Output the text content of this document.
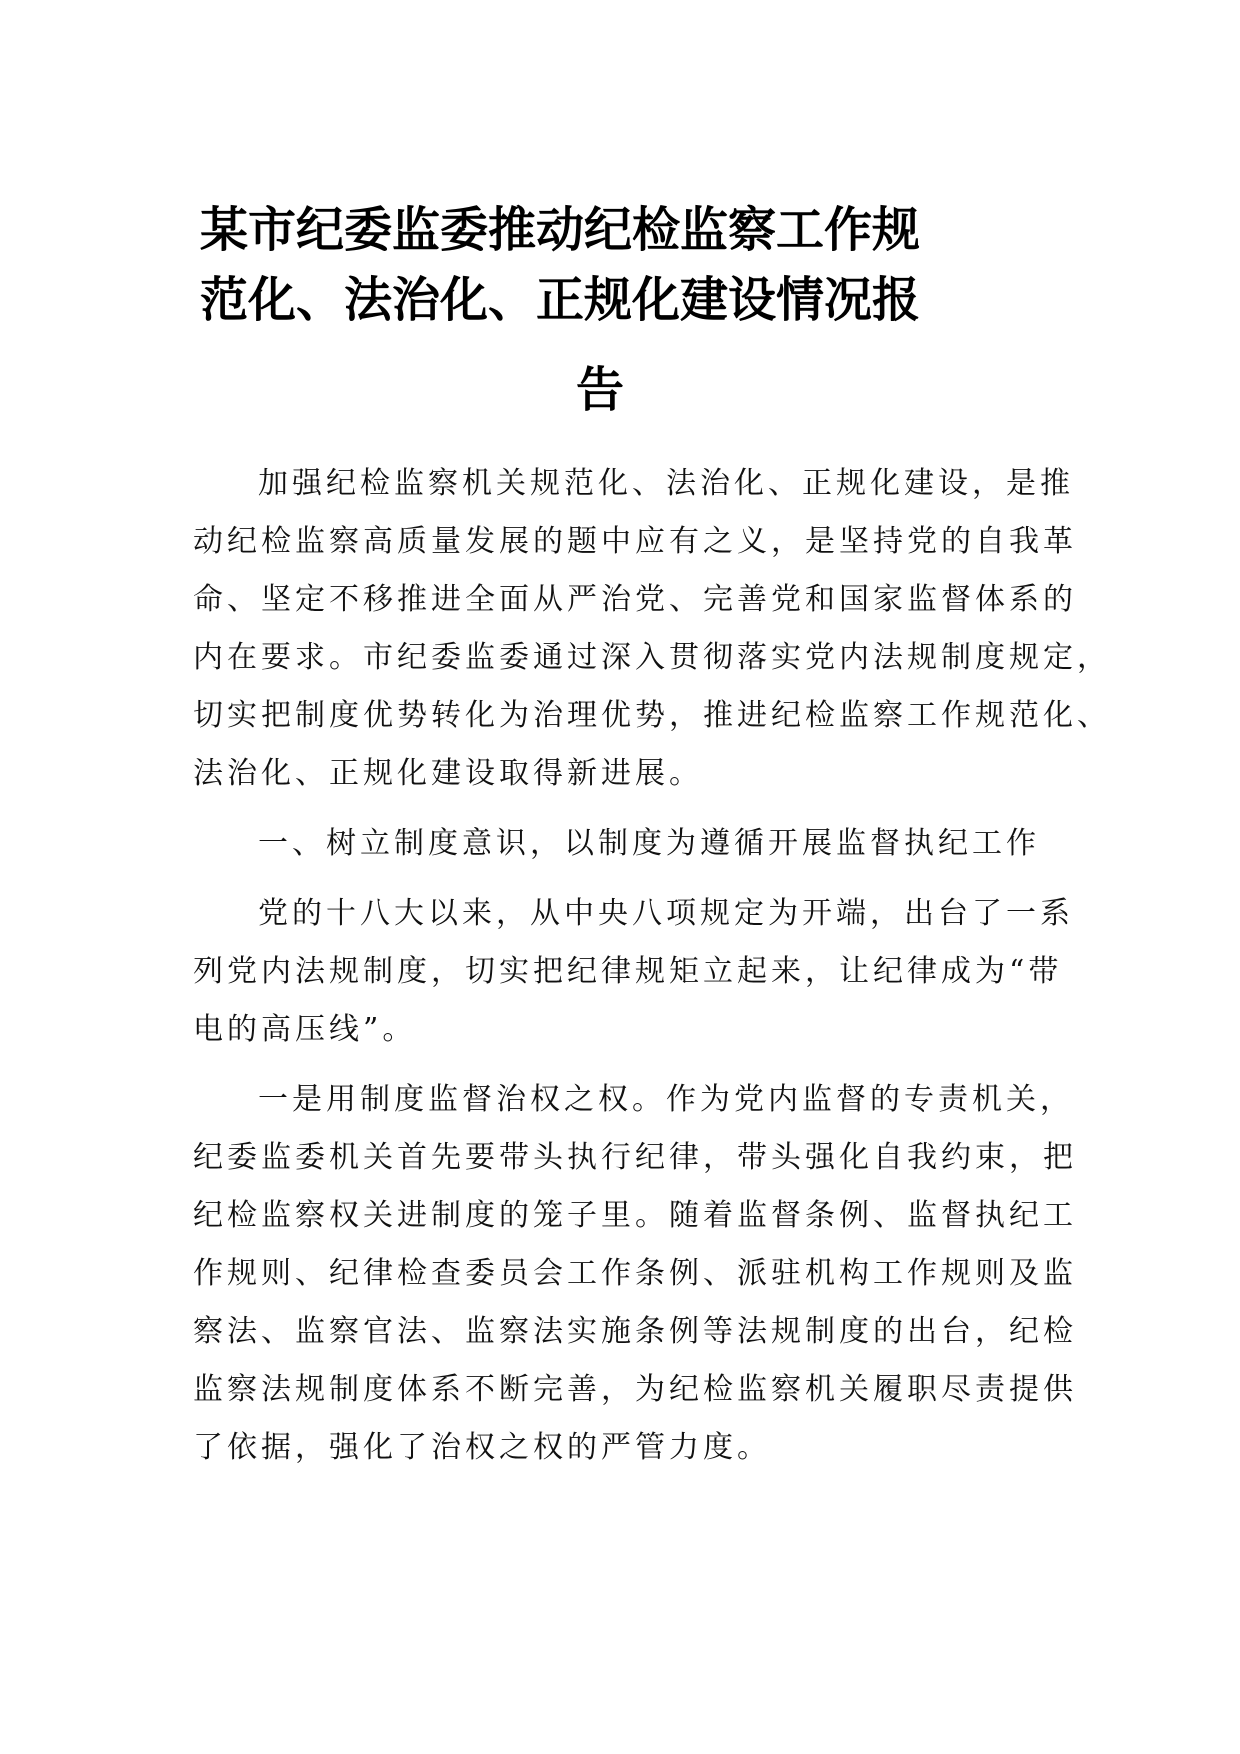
某市纪委监委推动纪检监察工作规
范化、法治化、正规化建设情况报
告
加强纪检监察机关规范化、法治化、正规化建设，是推
动纪检监察高质量发展的题中应有之义，是坚持党的自我革
命、坚定不移推进全面从严治党、完善党和国家监督体系的
内在要求。市纪委监委通过深入贯彻落实党内法规制度规定，
切实把制度优势转化为治理优势，推进纪检监察工作规范化、
法治化、正规化建设取得新进展。
一、树立制度意识，以制度为遵循开展监督执纪工作
党的十八大以来，从中央八项规定为开端，出台了一系
列党内法规制度，切实把纪律规矩立起来，让纪律成为“带
电的高压线”。
一是用制度监督治权之权。作为党内监督的专责机关，
纪委监委机关首先要带头执行纪律，带头强化自我约束，把
纪检监察权关进制度的笼子里。随着监督条例、监督执纪工
作规则、纪律检查委员会工作条例、派驻机构工作规则及监
察法、监察官法、监察法实施条例等法规制度的出台，纪检
监察法规制度体系不断完善，为纪检监察机关履职尽责提供
了依据，强化了治权之权的严管力度。
